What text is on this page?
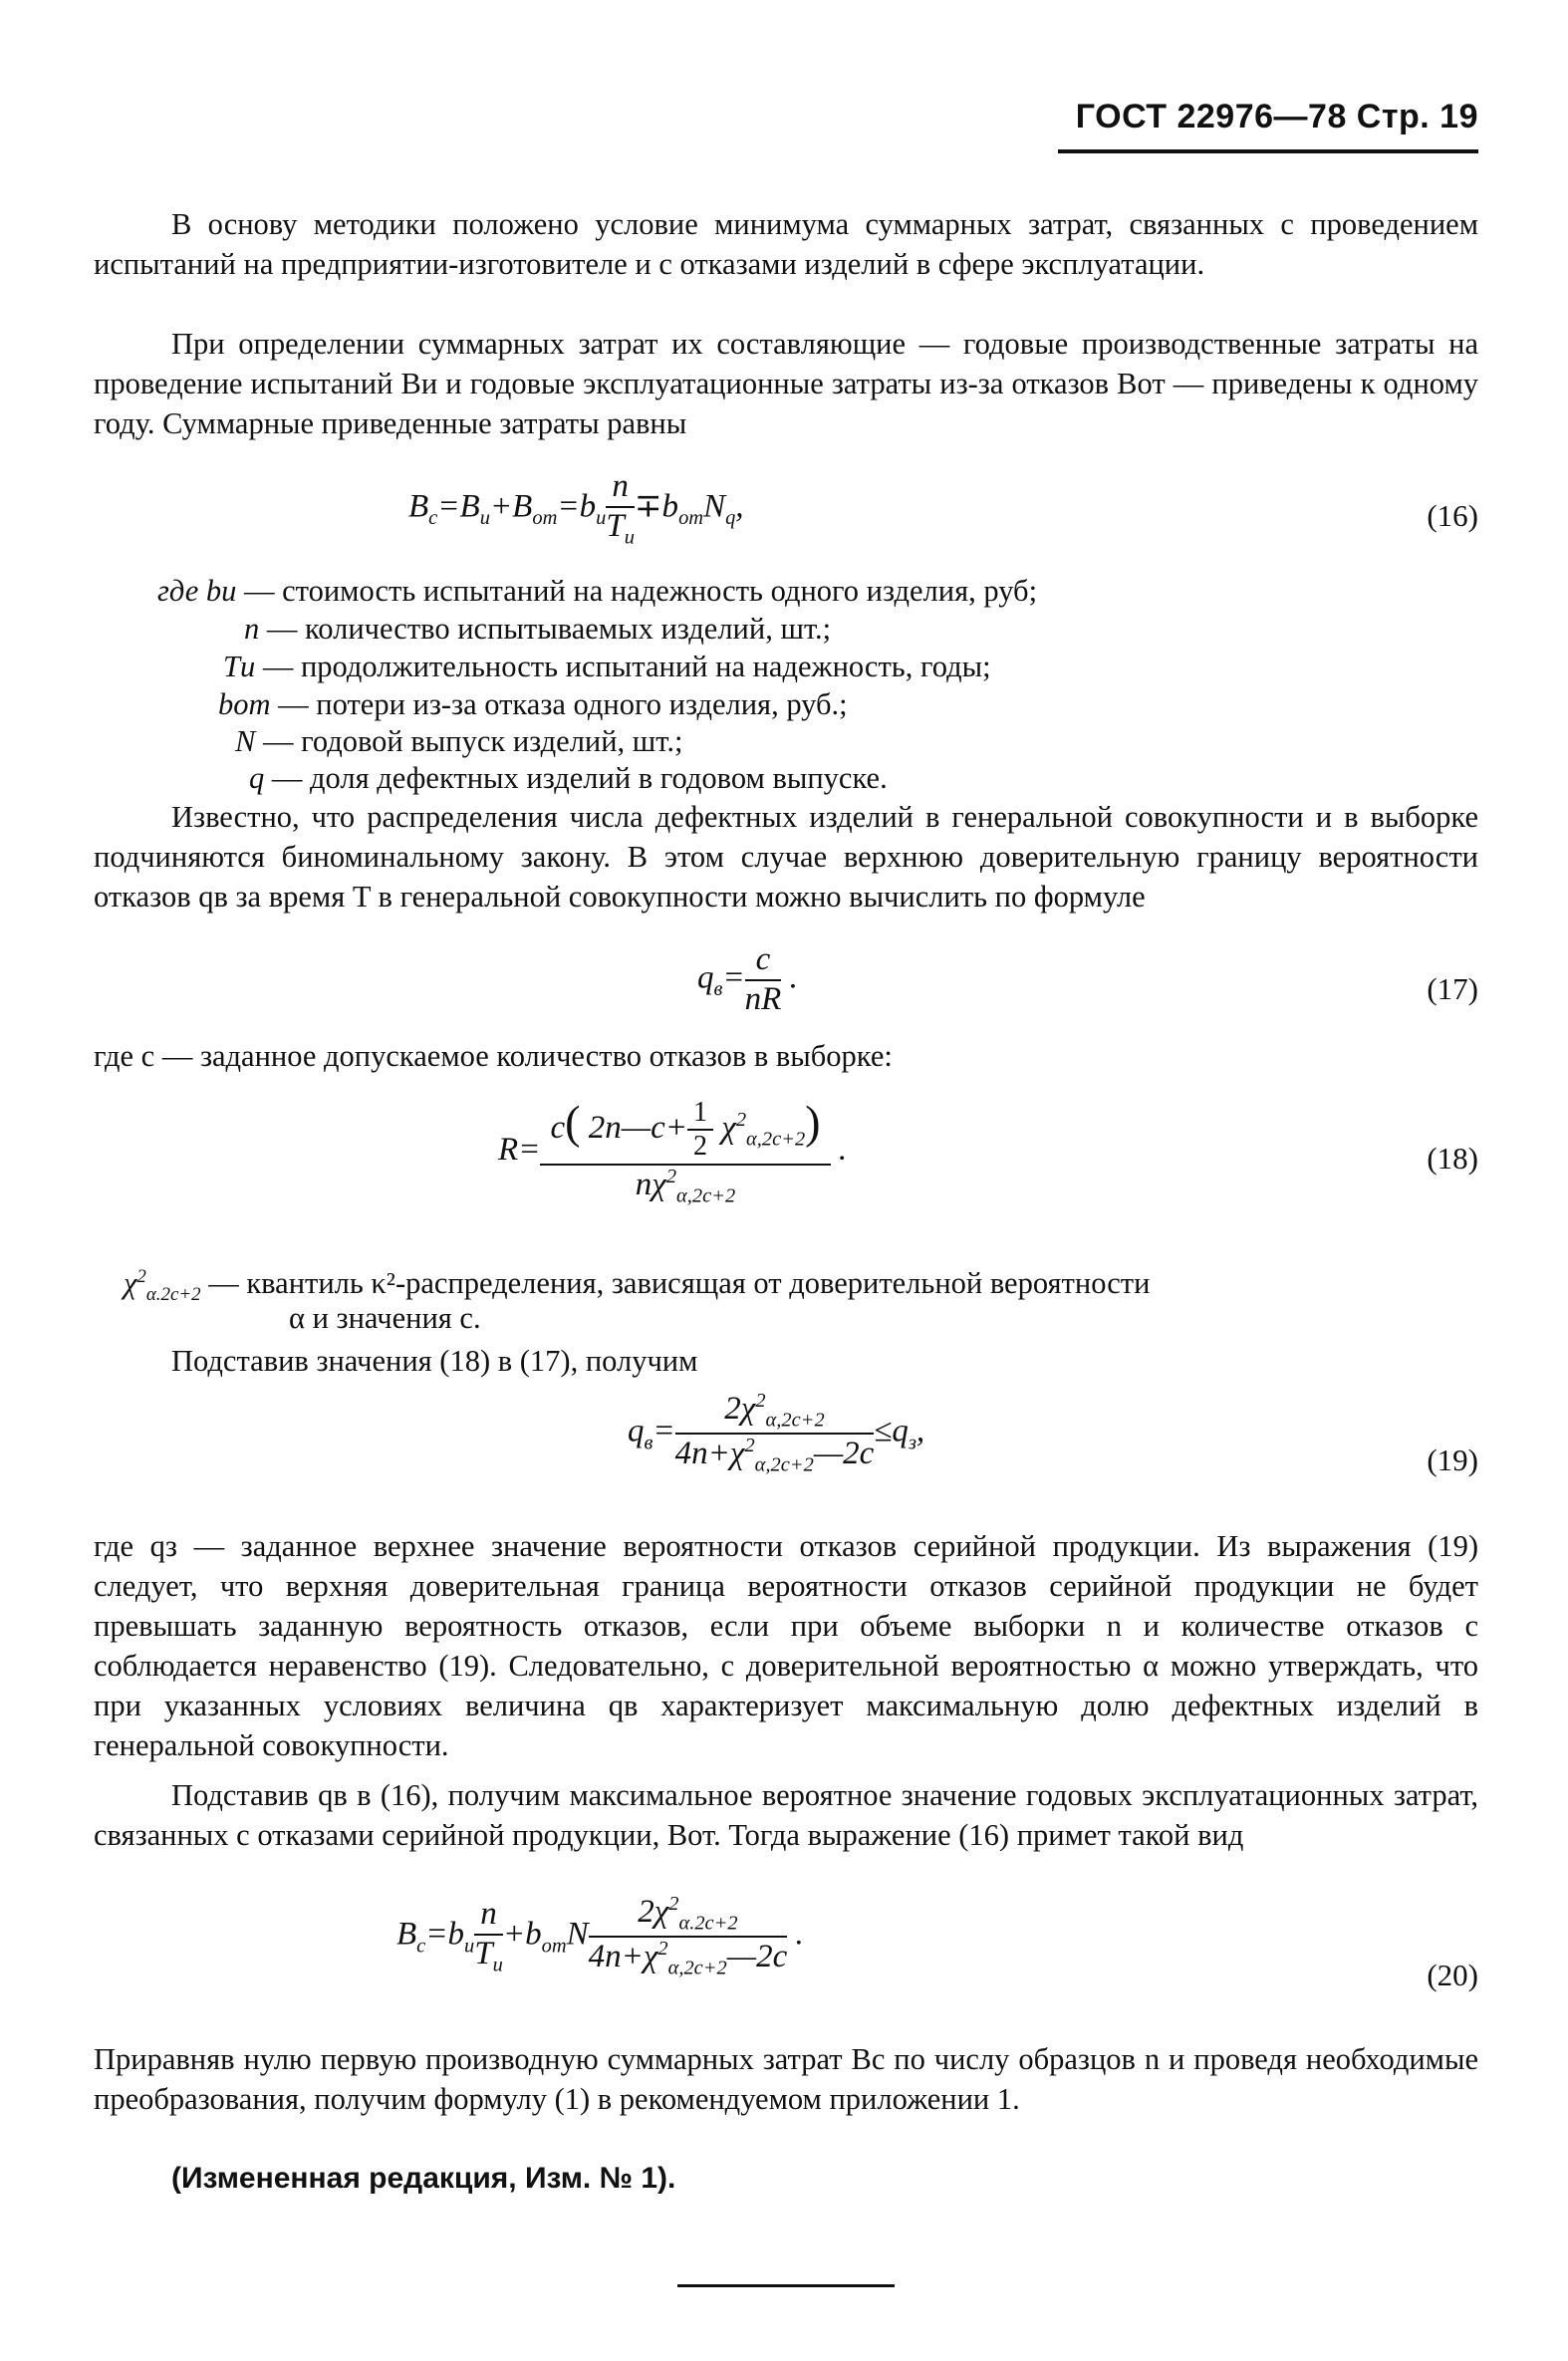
ГОСТ 22976—78 Стр. 19

В основу методики положено условие минимума суммарных затрат, связанных с проведением испытаний на предприятии-изготовителе и с отказами изделий в сфере эксплуатации.

При определении суммарных затрат их составляющие — годовые производственные затраты на проведение испытаний Bи и годовые эксплуатационные затраты из-за отказов Bот — приведены к одному году. Суммарные приведенные затраты равны

$B_с=B_и+B_{от}=b_и \frac{n}{T_и} \mp b_{от}N_q$,	(16)
где bи — стоимость испытаний на надежность одного изделия, руб;
n — количество испытываемых изделий, шт.;
Tи — продолжительность испытаний на надежность, годы;
bот — потери из-за отказа одного изделия, руб.;
N — годовой выпуск изделий, шт.;
q — доля дефектных изделий в годовом выпуске.

Известно, что распределения числа дефектных изделий в генеральной совокупности и в выборке подчиняются биноминальному закону. В этом случае верхнюю доверительную границу вероятности отказов qв за время T в генеральной совокупности можно вычислить по формуле

$q_в= \frac{c}{nR}$ .	(17)

где c — заданное допускаемое количество отказов в выборке:

$R= \frac{c( 2n—c+ \frac{1}{2} \chi^2_{\alpha,2c+2})}{n\chi^2_{\alpha,2c+2}}$ .	(18)
$\chi^2_{\alpha.2c+2}$ — квантиль κ²-распределения, зависящая от доверительной вероятности
α и значения c.

Подставив значения (18) в (17), получим

$q_в= \frac{2\chi^2_{\alpha,2c+2}}{4n+\chi^2_{\alpha,2c+2}—2c} \le q_з$,
(19)

где qз — заданное верхнее значение вероятности отказов серийной продукции. Из выражения (19) следует, что верхняя доверительная граница вероятности отказов серийной продукции не будет превышать заданную вероятность отказов, если при объеме выборки n и количестве отказов c соблюдается неравенство (19). Следовательно, с доверительной вероятностью α можно утверждать, что при указанных условиях величина qв характеризует максимальную долю дефектных изделий в генеральной совокупности.

Подставив qв в (16), получим максимальное вероятное значение годовых эксплуатационных затрат, связанных с отказами серийной продукции, Bот. Тогда выражение (16) примет такой вид

$B_с=b_и \frac{n}{T_и} +b_{от}N \frac{2\chi^2_{\alpha.2c+2}}{4n+\chi^2_{\alpha,2c+2}—2c}$ .
(20)

Приравняв нулю первую производную суммарных затрат Bс по числу образцов n и проведя необходимые преобразования, получим формулу (1) в рекомендуемом приложении 1.

(Измененная редакция, Изм. № 1).
